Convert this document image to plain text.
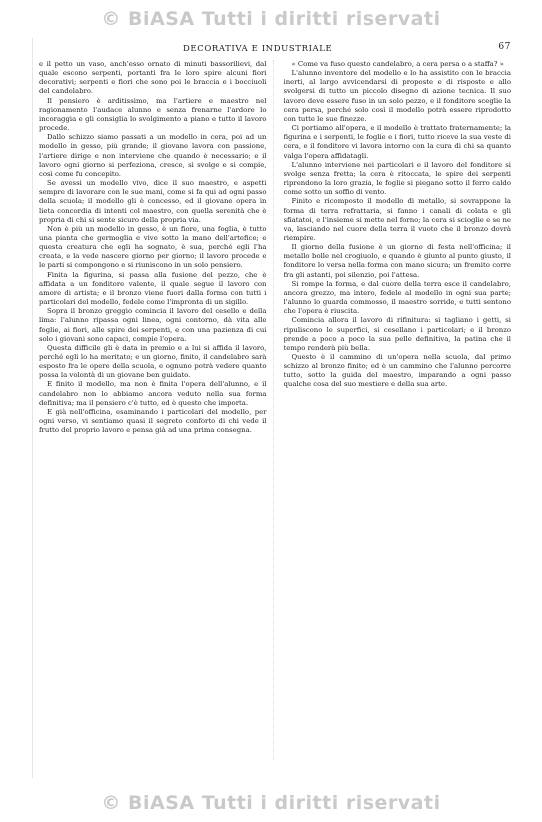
© BiASA Tutti i diritti riservati
DECORATIVA E INDUSTRIALE	67

e il petto un vaso, anch'esso ornato di minuti bassorilievi, dal quale escono serpenti, portanti fra le loro spire alcuni fiori decorativi; serpenti e fiori che sono poi le braccia e i bocciuoli del candelabro.

Il pensiero è arditissimo, ma l'artiere e maestro nel ragionamento l'audace alunno e senza frenarne l'ardore lo incoraggia e gli consiglia lo svolgimento a piano e tutto il lavoro procede.

Dallo schizzo siamo passati a un modello in cera, poi ad un modello in gesso, più grande; il giovane lavora con passione, l'artiere dirige e non interviene che quando è necessario; e il lavoro ogni giorno si perfeziona, cresce, si svolge e si compie, così come fu concepito.

Se avessi un modello vivo, dice il suo maestro, e aspetti sempre di lavorare con le sue mani, come si fa qui ad ogni passo della scuola; il modello gli è concesso, ed il giovane opera in lieta concordia di intenti col maestro, con quella serenità che è propria di chi si sente sicuro della propria via.

Non è più un modello in gesso, è un fiore, una foglia, è tutto una pianta che germoglia e vive sotto la mano dell'artefice; e questa creatura che egli ha sognato, è sua, perché egli l'ha creata, e la vede nascere giorno per giorno; il lavoro procede e le parti si compongono e si riuniscono in un solo pensiero.

Finita la figurina, si passa alla fusione del pezzo, che è affidata a un fonditore valente, il quale segue il lavoro con amore di artista; e il bronzo viene fuori dalla forma con tutti i particolari del modello, fedele come l'impronta di un sigillo.

Sopra il bronzo greggio comincia il lavoro del cesello e della lima: l'alunno ripassa ogni linea, ogni contorno, dà vita alle foglie, ai fiori, alle spire dei serpenti, e con una pazienza di cui solo i giovani sono capaci, compie l'opera.

Questa difficile gli è data in premio e a lui si affida il lavoro, perché egli lo ha meritato; e un giorno, finito, il candelabro sarà esposto fra le opere della scuola, e ognuno potrà vedere quanto possa la volontà di un giovane ben guidato.

E finito il modello, ma non è finita l'opera dell'alunno, e il candelabro non lo abbiamo ancora veduto nella sua forma definitiva; ma il pensiero c'è tutto, ed è questo che importa.

E già nell'officina, esaminando i particolari del modello, per ogni verso, vi sentiamo quasi il segreto conforto di chi vede il frutto del proprio lavoro e pensa già ad una prima consegna.

« Come va fuso questo candelabro, a cera persa o a staffa? »

L'alunno inventore del modello e lo ha assistito con le braccia inerti, al largo avvicendarsi di proposte e di risposte e allo svolgersi di tutto un piccolo disegno di azione tecnica. Il suo lavoro deve essere fuso in un solo pezzo, e il fonditore sceglie la cera persa, perché solo così il modello potrà essere riprodotto con tutte le sue finezze.

Ci portiamo all'opera, e il modello è trattato fraternamente; la figurina e i serpenti, le foglie e i fiori, tutto riceve la sua veste di cera, e il fonditore vi lavora intorno con la cura di chi sa quanto valga l'opera affidatagli.

L'alunno interviene nei particolari e il lavoro del fonditore si svolge senza fretta; la cera è ritoccata, le spire dei serpenti riprendono la loro grazia, le foglie si piegano sotto il ferro caldo come sotto un soffio di vento.

Finito e ricomposto il modello di metallo, si sovrappone la forma di terra refrattaria, si fanno i canali di colata e gli sfiatatoi, e l'insieme si mette nel forno; la cera si scioglie e se ne va, lasciando nel cuore della terra il vuoto che il bronzo dovrà riempire.

Il giorno della fusione è un giorno di festa nell'officina; il metallo bolle nel crogiuolo, e quando è giunto al punto giusto, il fonditore lo versa nella forma con mano sicura; un fremito corre fra gli astanti, poi silenzio, poi l'attesa.

Si rompe la forma, e dal cuore della terra esce il candelabro, ancora grezzo, ma intero, fedele al modello in ogni sua parte; l'alunno lo guarda commosso, il maestro sorride, e tutti sentono che l'opera è riuscita.

Comincia allora il lavoro di rifinitura: si tagliano i getti, si ripuliscono le superfici, si cesellano i particolari; e il bronzo prende a poco a poco la sua pelle definitiva, la patina che il tempo renderà più bella.

Questo è il cammino di un'opera nella scuola, dal primo schizzo al bronzo finito; ed è un cammino che l'alunno percorre tutto, sotto la guida del maestro, imparando a ogni passo qualche cosa del suo mestiere e della sua arte.

© BiASA Tutti i diritti riservati
